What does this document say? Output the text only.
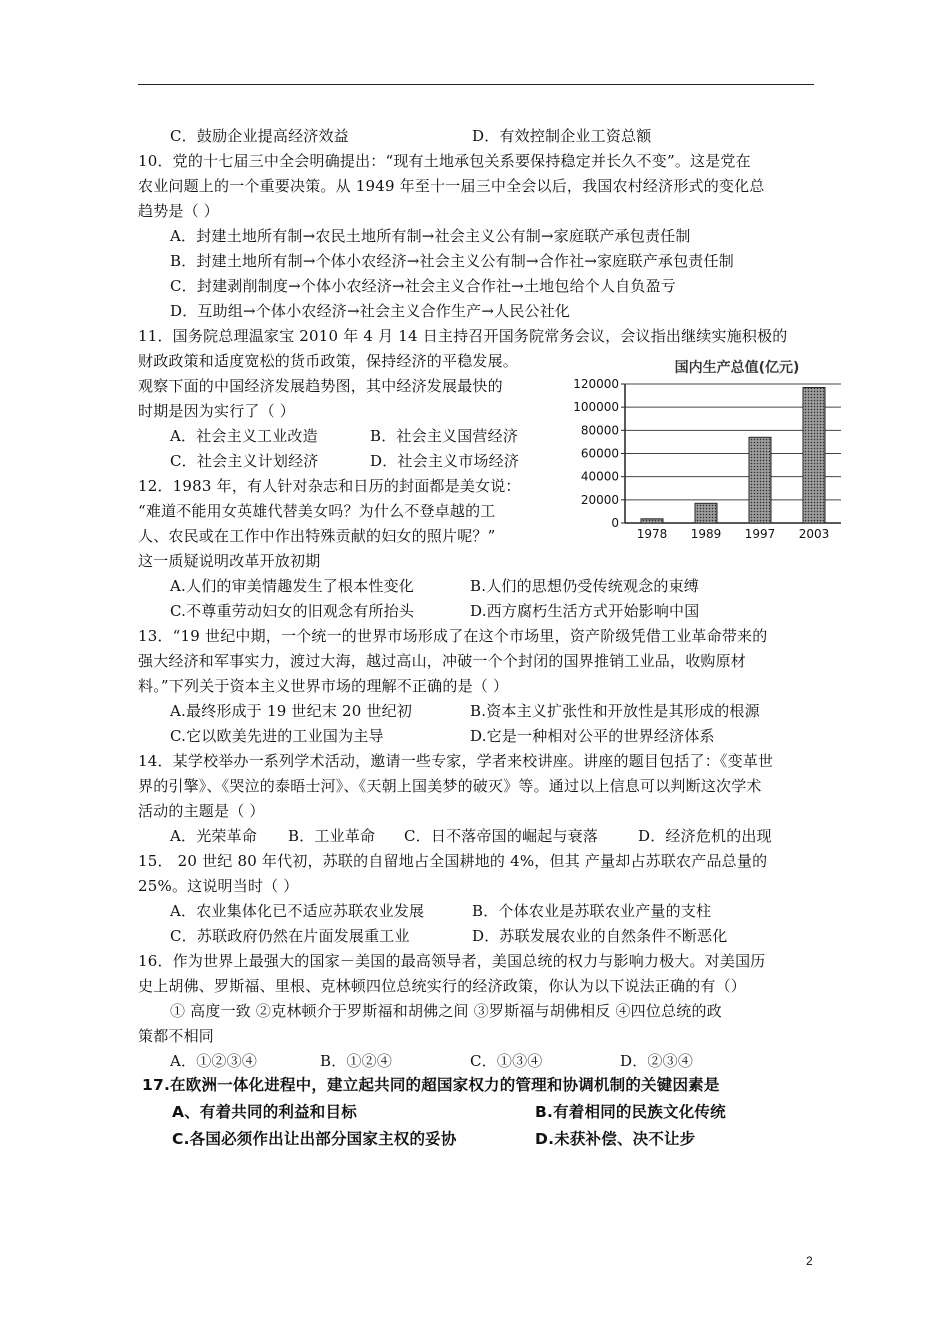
C．鼓励企业提高经济效益	D．有效控制企业工资总额
10．党的十七届三中全会明确提出：“现有土地承包关系要保持稳定并长久不变”。这是党在
农业问题上的一个重要决策。从 1949 年至十一届三中全会以后，我国农村经济形式的变化总
趋势是（ ）
A．封建土地所有制→农民土地所有制→社会主义公有制→家庭联产承包责任制
B．封建土地所有制→个体小农经济→社会主义公有制→合作社→家庭联产承包责任制
C．封建剥削制度→个体小农经济→社会主义合作社→土地包给个人自负盈亏
D．互助组→个体小农经济→社会主义合作生产→人民公社化
11．国务院总理温家宝 2010 年 4 月 14 日主持召开国务院常务会议，会议指出继续实施积极的
财政政策和适度宽松的货币政策，保持经济的平稳发展。
观察下面的中国经济发展趋势图，其中经济发展最快的
时期是因为实行了（ ）
A．社会主义工业改造	B．社会主义国营经济
C．社会主义计划经济	D．社会主义市场经济
国内生产总值(亿元)
0
20000
40000
60000
80000
100000
120000
1978 1989 1997 2003
12．1983 年，有人针对杂志和日历的封面都是美女说：
“难道不能用女英雄代替美女吗？为什么不登卓越的工
人、农民或在工作中作出特殊贡献的妇女的照片呢？”
这一质疑说明改革开放初期
A.人们的审美情趣发生了根本性变化	B.人们的思想仍受传统观念的束缚
C.不尊重劳动妇女的旧观念有所抬头	D.西方腐朽生活方式开始影响中国
13．“19 世纪中期，一个统一的世界市场形成了在这个市场里，资产阶级凭借工业革命带来的
强大经济和军事实力，渡过大海，越过高山，冲破一个个封闭的国界推销工业品，收购原材
料。”下列关于资本主义世界市场的理解不正确的是（ ）
A.最终形成于 19 世纪末 20 世纪初	B.资本主义扩张性和开放性是其形成的根源
C.它以欧美先进的工业国为主导	D.它是一种相对公平的世界经济体系
14．某学校举办一系列学术活动，邀请一些专家，学者来校讲座。讲座的题目包括了：《变革世
界的引擎》、《哭泣的泰晤士河》、《天朝上国美梦的破灭》等。通过以上信息可以判断这次学术
活动的主题是（ ）
A．光荣革命 B．工业革命 C．日不落帝国的崛起与衰落	D．经济危机的出现
15． 20 世纪 80 年代初，苏联的自留地占全国耕地的 4%，但其 产量却占苏联农产品总量的
25%。这说明当时（ ）
A．农业集体化已不适应苏联农业发展	B．个体农业是苏联农业产量的支柱
C．苏联政府仍然在片面发展重工业	D．苏联发展农业的自然条件不断恶化
16．作为世界上最强大的国家－美国的最高领导者，美国总统的权力与影响力极大。对美国历
史上胡佛、罗斯福、里根、克林顿四位总统实行的经济政策，你认为以下说法正确的有（）
① 高度一致 ②克林顿介于罗斯福和胡佛之间 ③罗斯福与胡佛相反 ④四位总统的政
策都不相同
A．①②③④	B．①②④	C．①③④	D．②③④
17.在欧洲一体化进程中，建立起共同的超国家权力的管理和协调机制的关键因素是
A、有着共同的利益和目标	B.有着相同的民族文化传统
C.各国必须作出让出部分国家主权的妥协	D.未获补偿、决不让步
2
